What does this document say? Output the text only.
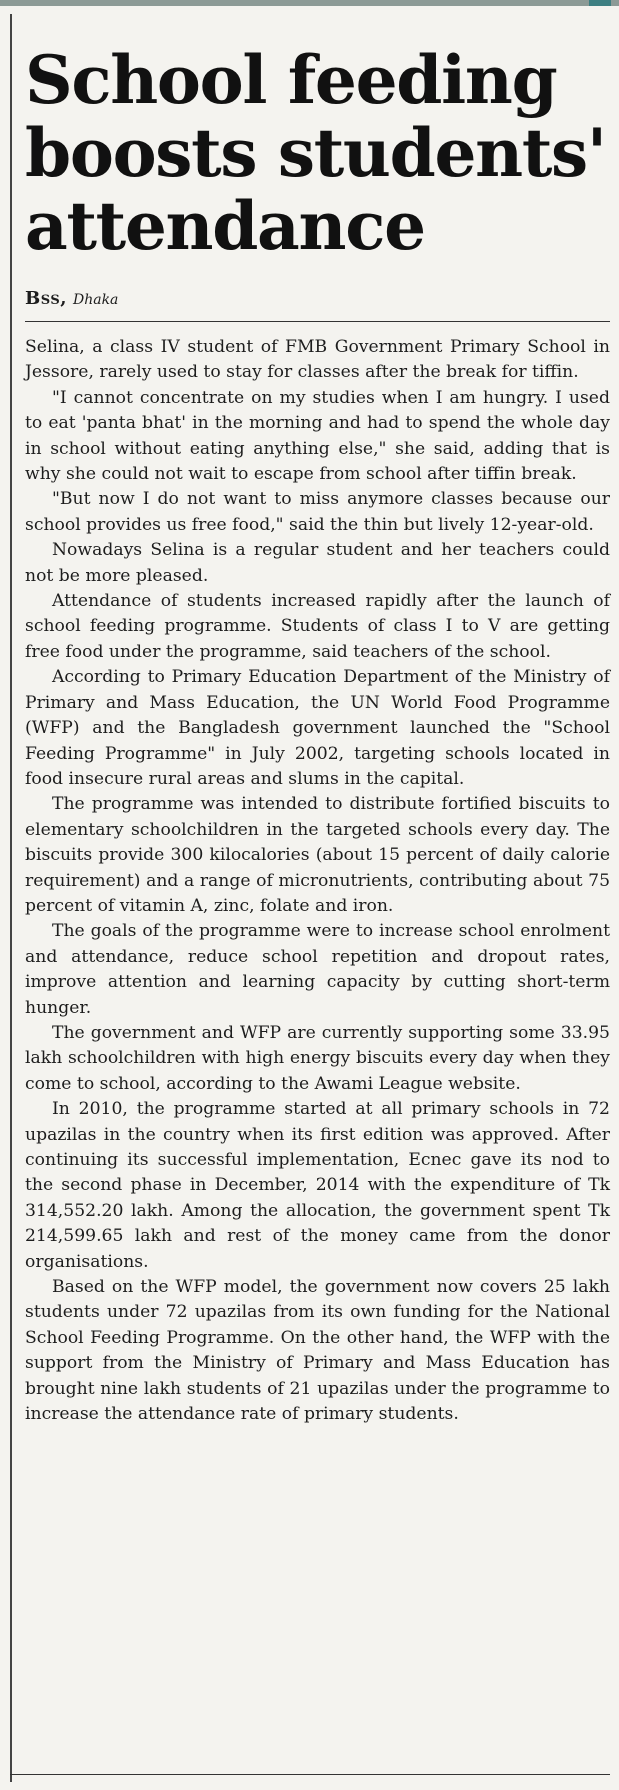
School feeding boosts students' attendance
Bss, Dhaka

Selina, a class IV student of FMB Government Primary School in Jessore, rarely used to stay for classes after the break for tiffin.

"I cannot concentrate on my studies when I am hungry. I used to eat 'panta bhat' in the morning and had to spend the whole day in school without eating anything else," she said, adding that is why she could not wait to escape from school after tiffin break.

"But now I do not want to miss anymore classes because our school provides us free food," said the thin but lively 12-year-old.

Nowadays Selina is a regular student and her teachers could not be more pleased.

Attendance of students increased rapidly after the launch of school feeding programme. Students of class I to V are getting free food under the programme, said teachers of the school.

According to Primary Education Department of the Ministry of Primary and Mass Education, the UN World Food Programme (WFP) and the Bangladesh government launched the "School Feeding Programme" in July 2002, targeting schools located in food insecure rural areas and slums in the capital.

The programme was intended to distribute fortified biscuits to elementary schoolchildren in the targeted schools every day. The biscuits provide 300 kilocalories (about 15 percent of daily calorie requirement) and a range of micronutrients, contributing about 75 percent of vitamin A, zinc, folate and iron.

The goals of the programme were to increase school enrolment and attendance, reduce school repetition and dropout rates, improve attention and learning capacity by cutting short-term hunger.

The government and WFP are currently supporting some 33.95 lakh schoolchildren with high energy biscuits every day when they come to school, according to the Awami League website.

In 2010, the programme started at all primary schools in 72 upazilas in the country when its first edition was approved. After continuing its successful implementation, Ecnec gave its nod to the second phase in December, 2014 with the expenditure of Tk 314,552.20 lakh. Among the allocation, the government spent Tk 214,599.65 lakh and rest of the money came from the donor organisations.

Based on the WFP model, the government now covers 25 lakh students under 72 upazilas from its own funding for the National School Feeding Programme. On the other hand, the WFP with the support from the Ministry of Primary and Mass Education has brought nine lakh students of 21 upazilas under the programme to increase the attendance rate of primary students.
